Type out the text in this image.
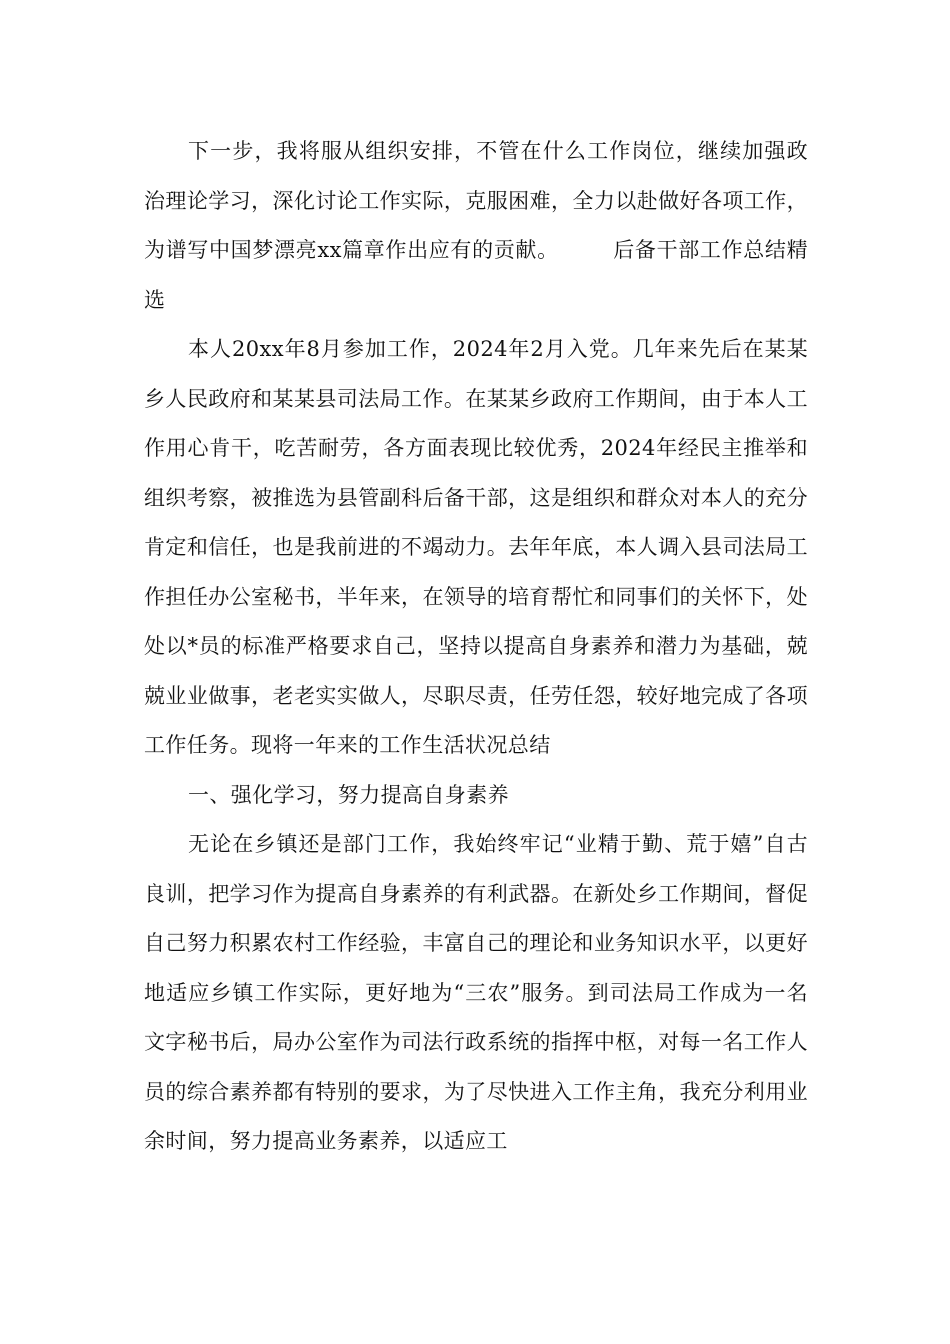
下一步，我将服从组织安排，不管在什么工作岗位，继续加强政治理论学习，深化讨论工作实际，克服困难，全力以赴做好各项工作，为谱写中国梦漂亮xx篇章作出应有的贡献。　　　后备干部工作总结精选

本人20xx年8月参加工作，2024年2月入党。几年来先后在某某乡人民政府和某某县司法局工作。在某某乡政府工作期间，由于本人工作用心肯干，吃苦耐劳，各方面表现比较优秀，2024年经民主推举和组织考察，被推选为县管副科后备干部，这是组织和群众对本人的充分肯定和信任，也是我前进的不竭动力。去年年底，本人调入县司法局工作担任办公室秘书，半年来，在领导的培育帮忙和同事们的关怀下，处处以*员的标准严格要求自己，坚持以提高自身素养和潜力为基础，兢兢业业做事，老老实实做人，尽职尽责，任劳任怨，较好地完成了各项工作任务。现将一年来的工作生活状况总结

一、强化学习，努力提高自身素养

无论在乡镇还是部门工作，我始终牢记“业精于勤、荒于嬉”自古良训，把学习作为提高自身素养的有利武器。在新处乡工作期间，督促自己努力积累农村工作经验，丰富自己的理论和业务知识水平，以更好地适应乡镇工作实际，更好地为“三农”服务。到司法局工作成为一名文字秘书后，局办公室作为司法行政系统的指挥中枢，对每一名工作人员的综合素养都有特别的要求，为了尽快进入工作主角，我充分利用业余时间，努力提高业务素养，以适应工
